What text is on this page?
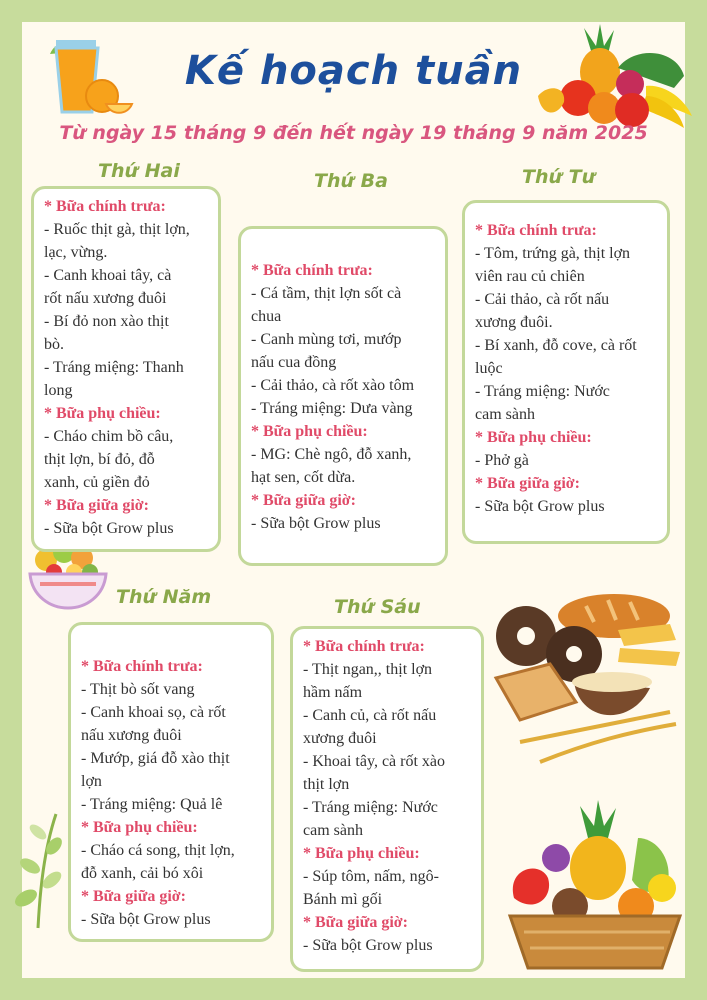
Kế hoạch tuần
Từ ngày 15 tháng 9 đến hết ngày 19 tháng 9 năm 2025
Thứ Hai	Thứ Ba	Thứ Tư
Thứ Năm	Thứ Sáu
* Bữa chính trưa:
- Ruốc thịt gà, thịt lợn,
lạc, vừng.
- Canh khoai tây, cà
rốt nấu xương đuôi
- Bí đỏ non xào thịt
bò.
- Tráng miệng: Thanh
long
* Bữa phụ chiều:
- Cháo chim bồ câu,
thịt lợn, bí đỏ, đỗ
xanh, củ giền đỏ
* Bữa giữa giờ:
- Sữa bột Grow plus
* Bữa chính trưa:
- Cá tầm, thịt lợn sốt cà
chua
- Canh mùng tơi, mướp
nấu cua đồng
- Cải thảo, cà rốt xào tôm
- Tráng miệng: Dưa vàng
* Bữa phụ chiều:
- MG: Chè ngô, đỗ xanh,
hạt sen, cốt dừa.
* Bữa giữa giờ:
- Sữa bột Grow plus
* Bữa chính trưa:
- Tôm, trứng gà, thịt lợn
viên rau củ chiên
- Cải thảo, cà rốt nấu
xương đuôi.
- Bí xanh, đỗ cove, cà rốt
luộc
- Tráng miệng: Nước
cam sành
* Bữa phụ chiều:
- Phở gà
* Bữa giữa giờ:
- Sữa bột Grow plus
* Bữa chính trưa:
- Thịt bò sốt vang
- Canh khoai sọ, cà rốt
nấu xương đuôi
- Mướp, giá đỗ xào thịt
lợn
- Tráng miệng: Quả lê
* Bữa phụ chiều:
- Cháo cá song, thịt lợn,
đỗ xanh, cải bó xôi
* Bữa giữa giờ:
- Sữa bột Grow plus
* Bữa chính trưa:
- Thịt ngan,, thịt lợn
hầm nấm
- Canh củ, cà rốt nấu
xương đuôi
- Khoai tây, cà rốt xào
thịt lợn
- Tráng miệng: Nước
cam sành
* Bữa phụ chiều:
- Súp tôm, nấm, ngô-
Bánh mì gối
* Bữa giữa giờ:
- Sữa bột Grow plus
